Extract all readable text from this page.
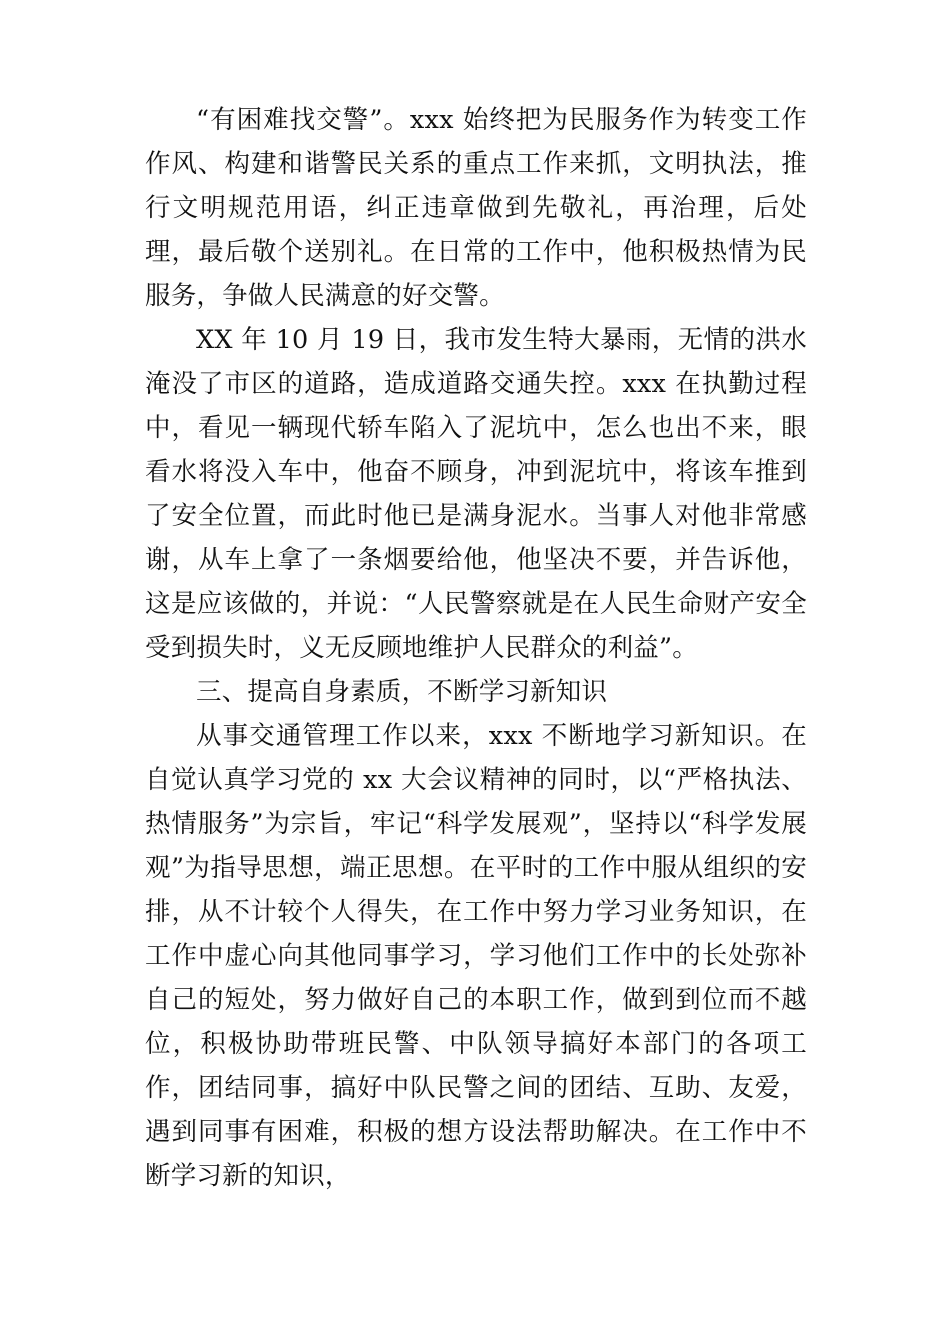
“有困难找交警”。xxx 始终把为民服务作为转变工作作风、构建和谐警民关系的重点工作来抓，文明执法，推行文明规范用语，纠正违章做到先敬礼，再治理，后处理，最后敬个送别礼。在日常的工作中，他积极热情为民服务，争做人民满意的好交警。

XX 年 10 月 19 日，我市发生特大暴雨，无情的洪水淹没了市区的道路，造成道路交通失控。xxx 在执勤过程中，看见一辆现代轿车陷入了泥坑中，怎么也出不来，眼看水将没入车中，他奋不顾身，冲到泥坑中，将该车推到了安全位置，而此时他已是满身泥水。当事人对他非常感谢，从车上拿了一条烟要给他，他坚决不要，并告诉他，这是应该做的，并说：“人民警察就是在人民生命财产安全受到损失时，义无反顾地维护人民群众的利益”。

三、提高自身素质，不断学习新知识

从事交通管理工作以来，xxx 不断地学习新知识。在自觉认真学习党的 xx 大会议精神的同时，以“严格执法、热情服务”为宗旨，牢记“科学发展观”，坚持以“科学发展观”为指导思想，端正思想。在平时的工作中服从组织的安排，从不计较个人得失，在工作中努力学习业务知识，在工作中虚心向其他同事学习，学习他们工作中的长处弥补自己的短处，努力做好自己的本职工作，做到到位而不越位，积极协助带班民警、中队领导搞好本部门的各项工作，团结同事，搞好中队民警之间的团结、互助、友爱，遇到同事有困难，积极的想方设法帮助解决。在工作中不断学习新的知识，
